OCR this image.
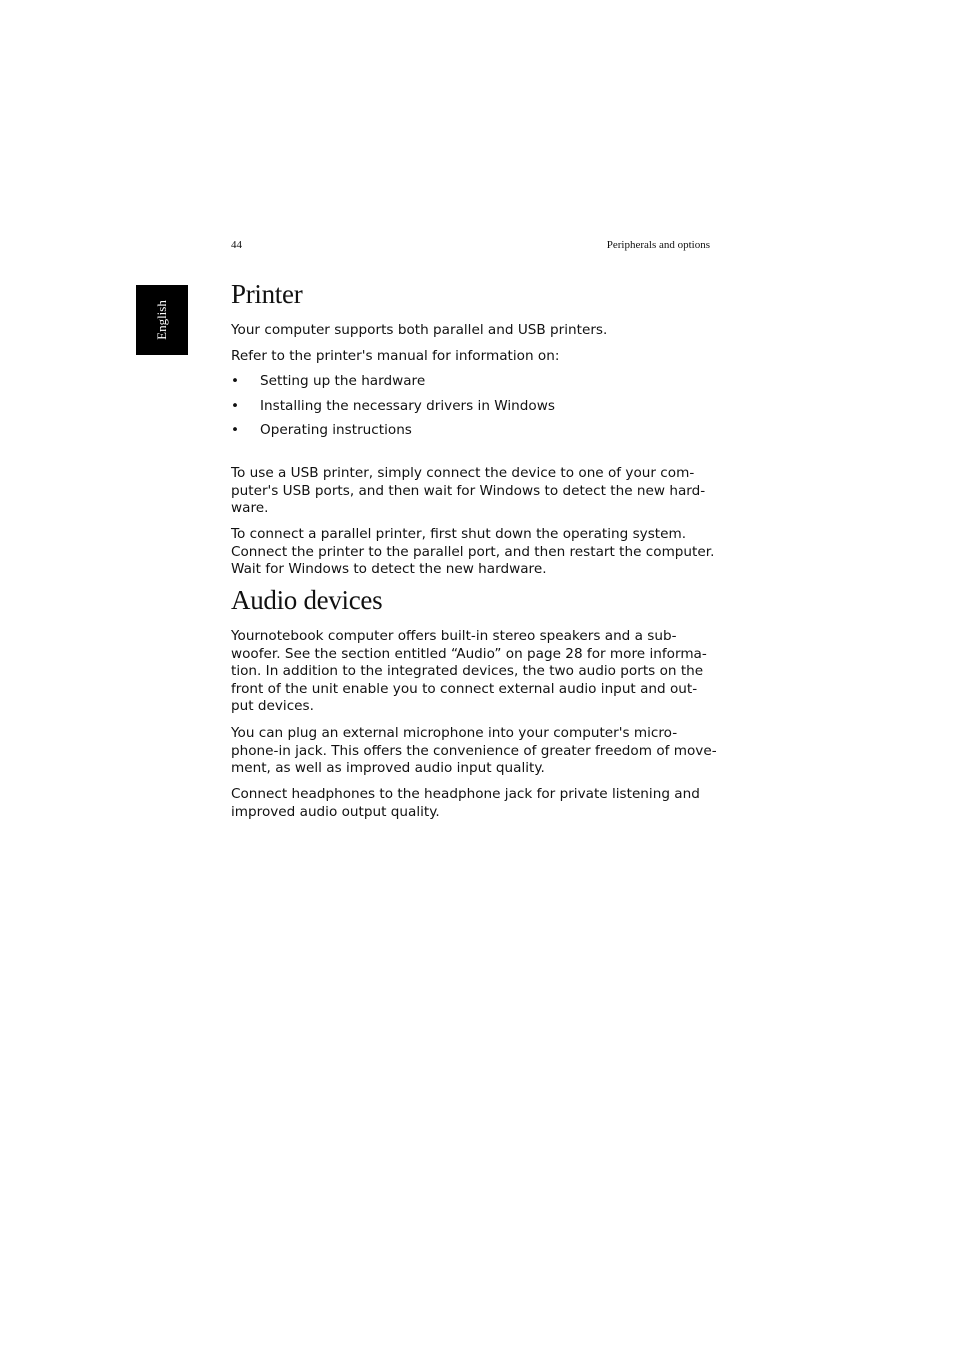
44	Peripherals and options
English
Printer

Your computer supports both parallel and USB printers.

Refer to the printer's manual for information on:

• Setting up the hardware
• Installing the necessary drivers in Windows
• Operating instructions

To use a USB printer, simply connect the device to one of your com-
puter's USB ports, and then wait for Windows to detect the new hard-
ware.

To connect a parallel printer, first shut down the operating system.
Connect the printer to the parallel port, and then restart the computer.
Wait for Windows to detect the new hardware.

Audio devices

Yournotebook computer offers built-in stereo speakers and a sub-
woofer. See the section entitled “Audio” on page 28 for more informa-
tion. In addition to the integrated devices, the two audio ports on the
front of the unit enable you to connect external audio input and out-
put devices.

You can plug an external microphone into your computer's micro-
phone-in jack. This offers the convenience of greater freedom of move-
ment, as well as improved audio input quality.

Connect headphones to the headphone jack for private listening and
improved audio output quality.
